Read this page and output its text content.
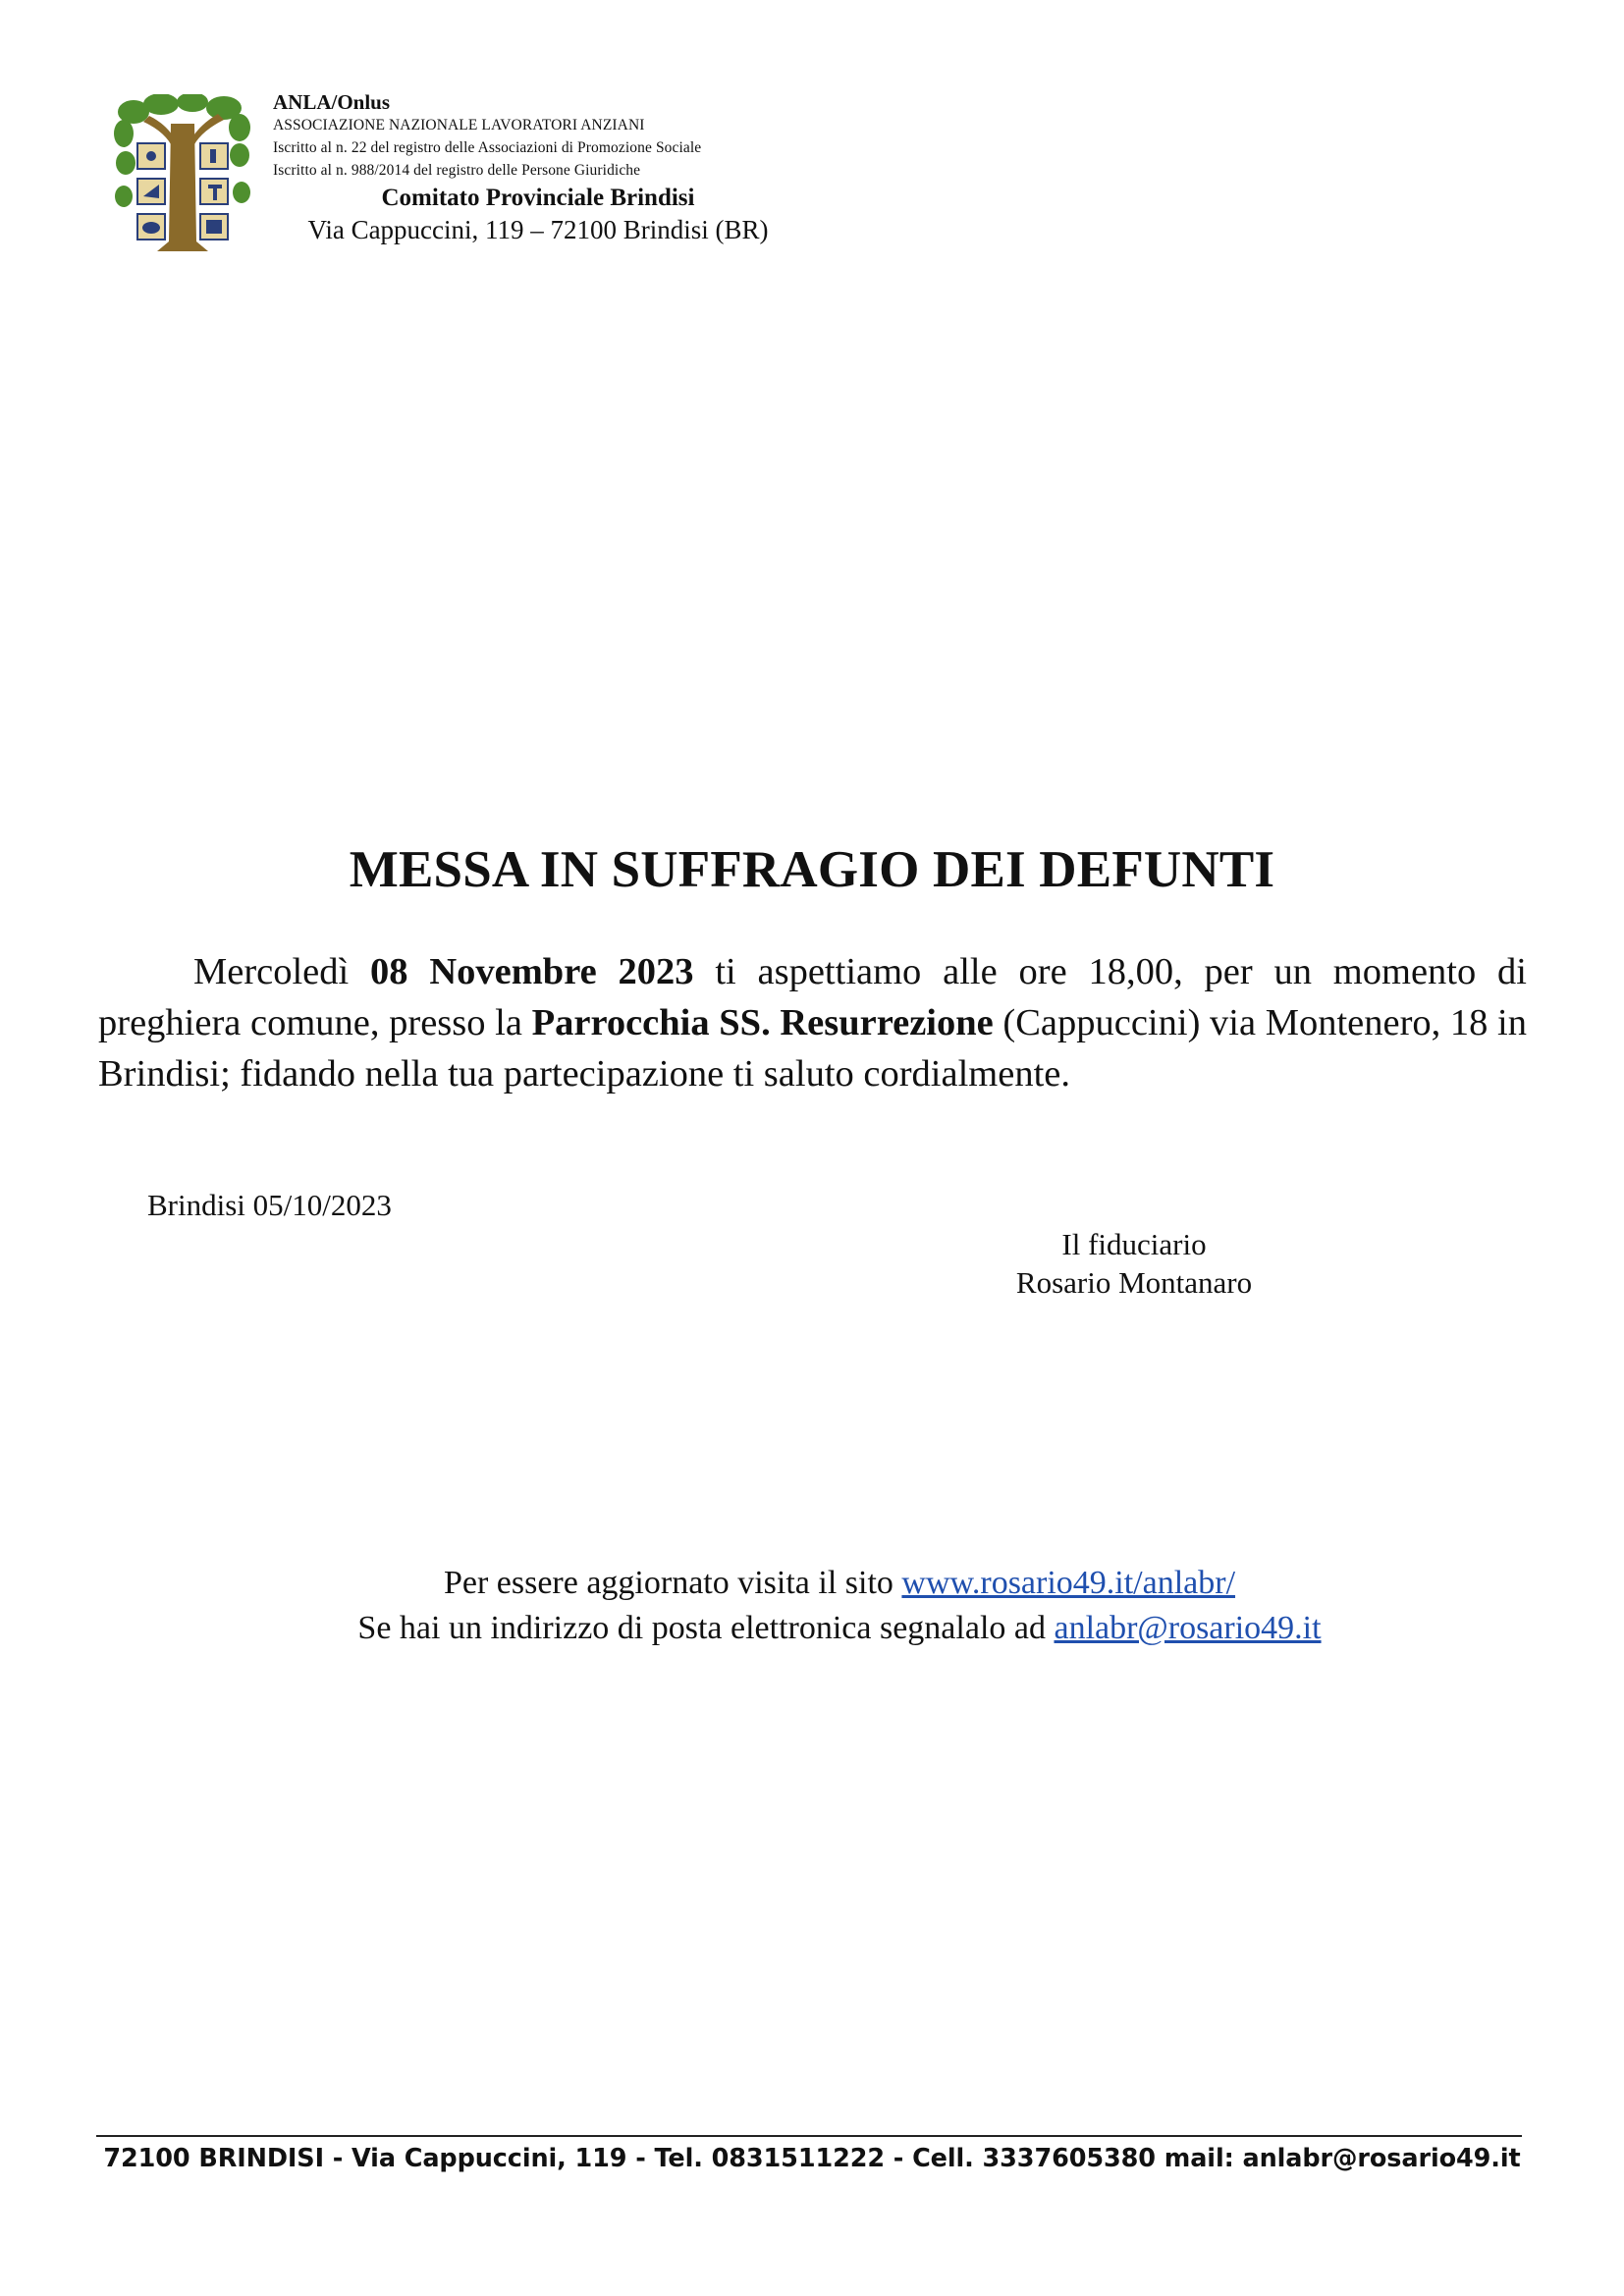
ANLA/Onlus
ASSOCIAZIONE NAZIONALE LAVORATORI ANZIANI
Iscritto al n. 22 del registro delle Associazioni di Promozione Sociale
Iscritto al n. 988/2014 del registro delle Persone Giuridiche
Comitato Provinciale Brindisi
Via Cappuccini, 119 – 72100 Brindisi (BR)
MESSA IN SUFFRAGIO DEI DEFUNTI
Mercoledì 08 Novembre 2023 ti aspettiamo alle ore 18,00, per un momento di preghiera comune, presso la Parrocchia SS. Resurrezione (Cappuccini) via Montenero, 18 in Brindisi; fidando nella tua partecipazione ti saluto cordialmente.
Brindisi 05/10/2023
Il fiduciario
Rosario Montanaro
Per essere aggiornato visita il sito www.rosario49.it/anlabr/
Se hai un indirizzo di posta elettronica segnalalo ad anlabr@rosario49.it
72100 BRINDISI - Via Cappuccini, 119 - Tel. 0831511222 - Cell. 3337605380 mail: anlabr@rosario49.it
